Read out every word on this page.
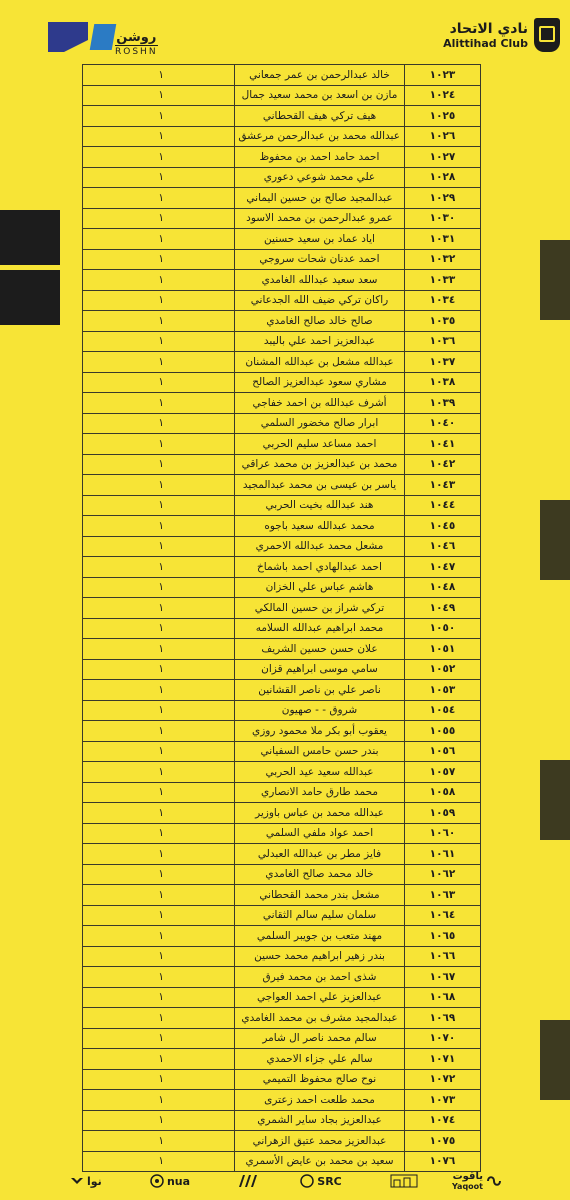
روشن
ROSHN
نادي الاتحاد
Alittihad Club
١	خالد عبدالرحمن بن عمر جمعاني	١٠٢٣
١	مازن بن اسعد بن محمد سعيد جمال	١٠٢٤
١	هيف تركي هيف القحطاني	١٠٢٥
١	عبدالله محمد بن عبدالرحمن مرعشق	١٠٢٦
١	احمد حامد احمد بن محفوظ	١٠٢٧
١	علي محمد شوعي دعوري	١٠٢٨
١	عبدالمجيد صالح بن حسين اليماني	١٠٢٩
١	عمرو عبدالرحمن بن محمد الاسود	١٠٣٠
١	اياد عماد بن سعيد حسنين	١٠٣١
١	احمد عدنان شحات سروجي	١٠٣٢
١	سعد سعيد عبدالله الغامدي	١٠٣٣
١	راكان تركي ضيف الله الجدعاني	١٠٣٤
١	صالح خالد صالح الغامدي	١٠٣٥
١	عبدالعزيز احمد علي باليبد	١٠٣٦
١	عبدالله مشعل بن عبدالله المشنان	١٠٣٧
١	مشاري سعود عبدالعزيز الصالح	١٠٣٨
١	أشرف عبدالله بن احمد خفاجي	١٠٣٩
١	ابرار صالح مخضور السلمي	١٠٤٠
١	احمد مساعد سليم الحربي	١٠٤١
١	محمد بن عبدالعزيز بن محمد عراقي	١٠٤٢
١	ياسر بن عيسى بن محمد عبدالمجيد	١٠٤٣
١	هند عبدالله بخيت الحربي	١٠٤٤
١	محمد عبدالله سعيد باجوه	١٠٤٥
١	مشعل محمد عبدالله الاحمري	١٠٤٦
١	احمد عبدالهادي احمد باشماخ	١٠٤٧
١	هاشم عباس علي الخزان	١٠٤٨
١	تركي شراز بن حسين المالكي	١٠٤٩
١	محمد ابراهيم عبدالله السلامه	١٠٥٠
١	علان حسن حسين الشريف	١٠٥١
١	سامي موسى ابراهيم قزان	١٠٥٢
١	ناصر علي بن ناصر القشانين	١٠٥٣
١	شروق - - صهيون	١٠٥٤
١	يعقوب أبو بكر ملا محمود روزي	١٠٥٥
١	بندر حسن حامس السفياني	١٠٥٦
١	عبدالله سعيد عيد الحربي	١٠٥٧
١	محمد طارق حامد الانصاري	١٠٥٨
١	عبدالله محمد بن عباس باوزير	١٠٥٩
١	احمد عواد ملفي السلمي	١٠٦٠
١	فايز مطر بن عبدالله العبدلي	١٠٦١
١	خالد محمد صالح الغامدي	١٠٦٢
١	مشعل بندر محمد القحطاني	١٠٦٣
١	سلمان سليم سالم الثقاني	١٠٦٤
١	مهند متعب بن جويبر السلمي	١٠٦٥
١	بندر زهير ابراهيم محمد حسين	١٠٦٦
١	شذى احمد بن محمد فيرق	١٠٦٧
١	عبدالعزيز علي احمد العواجي	١٠٦٨
١	عبدالمجيد مشرف بن محمد الغامدي	١٠٦٩
١	سالم محمد ناصر ال شامر	١٠٧٠
١	سالم علي جزاء الاحمدي	١٠٧١
١	نوح صالح محفوظ التميمي	١٠٧٢
١	محمد طلعت احمد زعترى	١٠٧٣
١	عبدالعزيز بجاد ساير الشمري	١٠٧٤
١	عبدالعزيز محمد عتيق الزهراني	١٠٧٥
١	سعيد بن محمد بن عايض الأسمري	١٠٧٦
نوا	nua	SRC	ياقوت
Yaqoot
